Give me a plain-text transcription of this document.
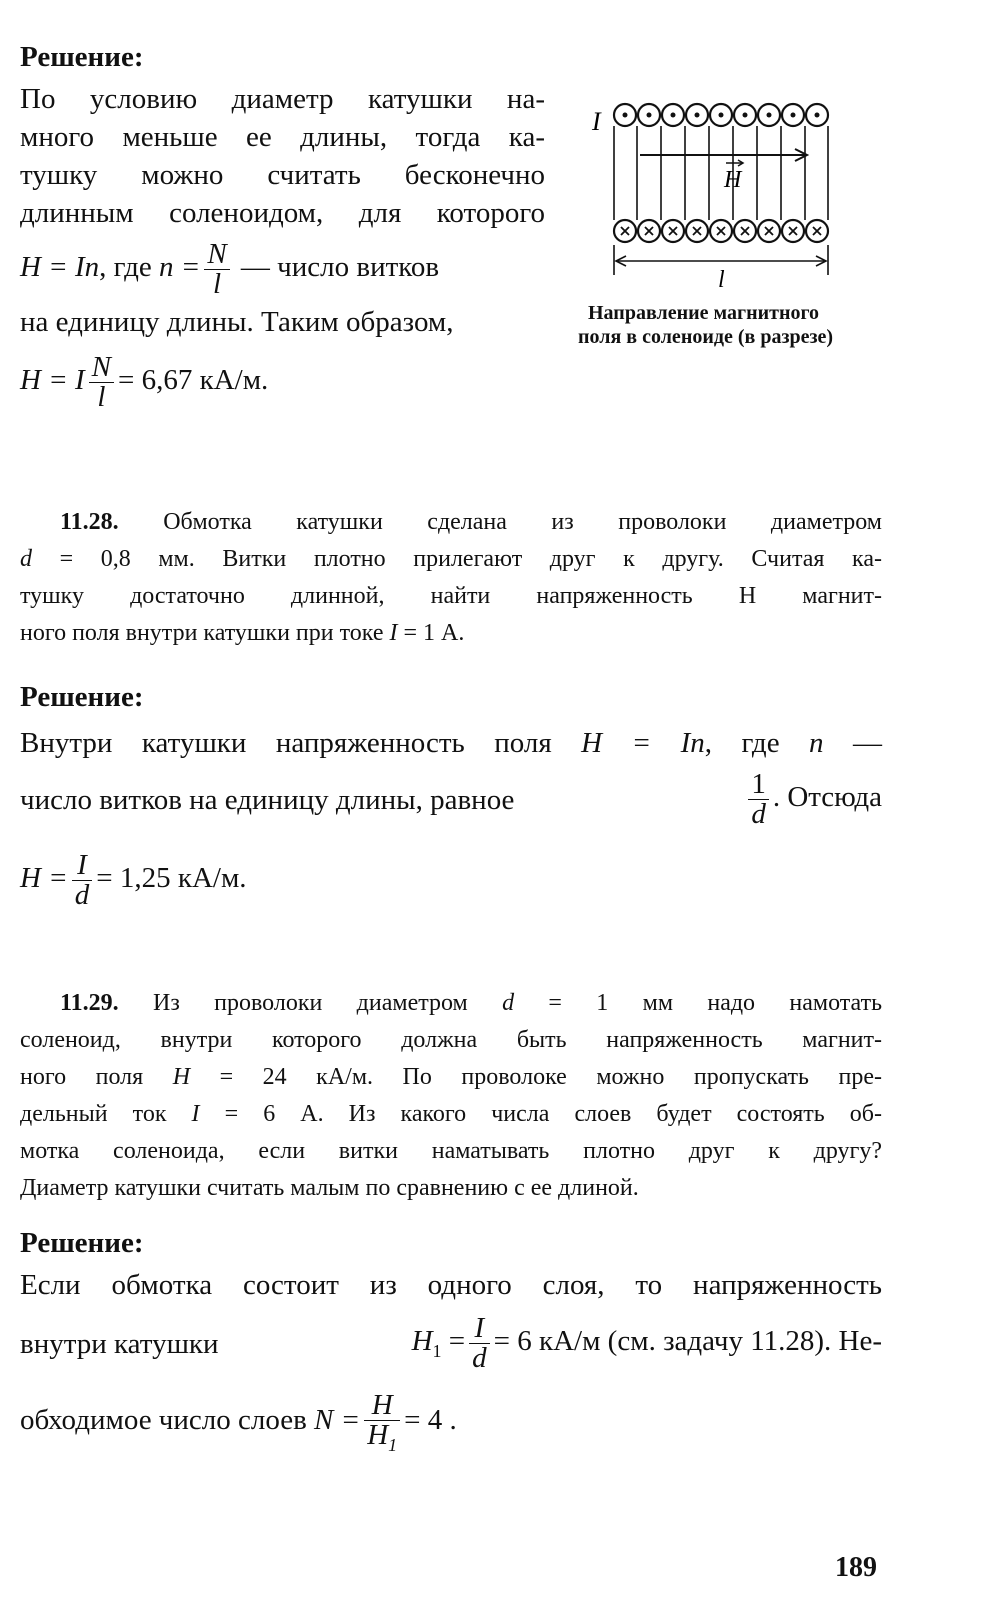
Решение:
По условию диаметр катушки на-
много меньше ее длины, тогда ка-
тушку можно считать бесконечно
длинным соленоидом, для которого
H = In, где $n = \frac{N}{l}$ — число витков
на единицу длины. Таким образом,
H = I $\frac{N}{l} = 6,67$ кА/м.
I
H
l
Направление магнитного
поля в соленоиде (в разрезе)
11.28. Обмотка катушки сделана из проволоки диаметром
d = 0,8 мм. Витки плотно прилегают друг к другу. Считая ка-
тушку достаточно длинной, найти напряженность H магнит-
ного поля внутри катушки при токе I = 1 А.
Решение:
Внутри катушки напряженность поля H = In, где n —
число витков на единицу длины, равное	$\frac{1}{d}$ . Отсюда
$H = \frac{I}{d} = 1,25$ кА/м.
11.29. Из проволоки диаметром d = 1 мм надо намотать
соленоид, внутри которого должна быть напряженность магнит-
ного поля H = 24 кА/м. По проволоке можно пропускать пре-
дельный ток I = 6 А. Из какого числа слоев будет состоять об-
мотка соленоида, если витки наматывать плотно друг к другу?
Диаметр катушки считать малым по сравнению с ее длиной.
Решение:
Если обмотка состоит из одного слоя, то напряженность
внутри катушки	$H_1 = \frac{I}{d} = 6$ кА/м (см. задачу 11.28). Не-
обходимое число слоев $N = \frac{H}{H_1} = 4$ .
189
